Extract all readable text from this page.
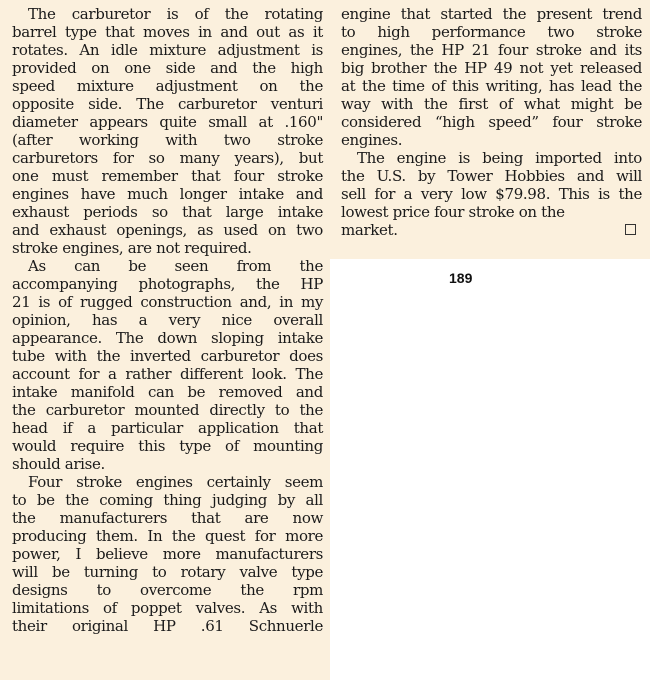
The carburetor is of the rotating
barrel type that moves in and out as it
rotates. An idle mixture adjustment is
provided on one side and the high
speed mixture adjustment on the
opposite side. The carburetor venturi
diameter appears quite small at .160"
(after working with two stroke
carburetors for so many years), but
one must remember that four stroke
engines have much longer intake and
exhaust periods so that large intake
and exhaust openings, as used on two
stroke engines, are not required.
As can be seen from the
accompanying photographs, the HP
21 is of rugged construction and, in my
opinion, has a very nice overall
appearance. The down sloping intake
tube with the inverted carburetor does
account for a rather different look. The
intake manifold can be removed and
the carburetor mounted directly to the
head if a particular application that
would require this type of mounting
should arise.
Four stroke engines certainly seem
to be the coming thing judging by all
the manufacturers that are now
producing them. In the quest for more
power, I believe more manufacturers
will be turning to rotary valve type
designs to overcome the rpm
limitations of poppet valves. As with
their original HP .61 Schnuerle
engine that started the present trend
to high performance two stroke
engines, the HP 21 four stroke and its
big brother the HP 49 not yet released
at the time of this writing, has lead the
way with the first of what might be
considered “high speed” four stroke
engines.
The engine is being imported into
the U.S. by Tower Hobbies and will
sell for a very low $79.98. This is the
lowest price four stroke on the
market.
189
